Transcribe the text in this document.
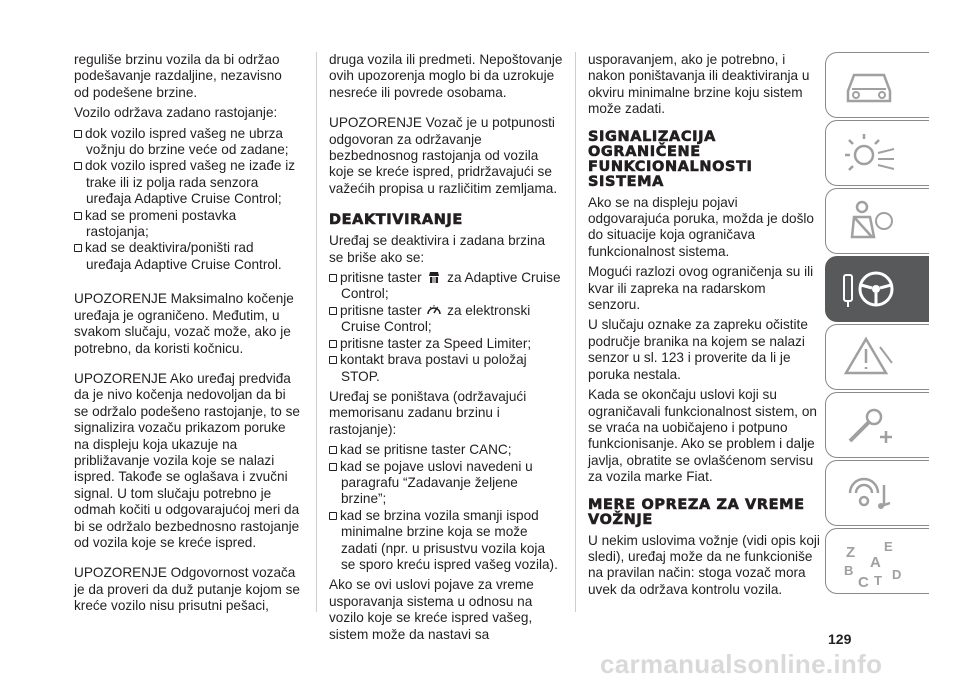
reguliše brzinu vozila da bi održao podešavanje razdaljine, nezavisno od podešene brzine.

Vozilo održava zadano rastojanje:

dok vozilo ispred vašeg ne ubrza vožnju do brzine veće od zadane;
dok vozilo ispred vašeg ne izađe iz trake ili iz polja rada senzora uređaja Adaptive Cruise Control;
kad se promeni postavka rastojanja;
kad se deaktivira/poništi rad uređaja Adaptive Cruise Control.

UPOZORENJE Maksimalno kočenje uređaja je ograničeno. Međutim, u svakom slučaju, vozač može, ako je potrebno, da koristi kočnicu.

UPOZORENJE Ako uređaj predviđa da je nivo kočenja nedovoljan da bi se održalo podešeno rastojanje, to se signalizira vozaču prikazom poruke na displeju koja ukazuje na približavanje vozila koje se nalazi ispred. Takođe se oglašava i zvučni signal. U tom slučaju potrebno je odmah kočiti u odgovarajućoj meri da bi se održalo bezbednosno rastojanje od vozila koje se kreće ispred.

UPOZORENJE Odgovornost vozača je da proveri da duž putanje kojom se kreće vozilo nisu prisutni pešaci,

druga vozila ili predmeti. Nepoštovanje ovih upozorenja moglo bi da uzrokuje nesreće ili povrede osobama.

UPOZORENJE Vozač je u potpunosti odgovoran za održavanje bezbednosnog rastojanja od vozila koje se kreće ispred, pridržavajući se važećih propisa u različitim zemljama.

DEAKTIVIRANJE

Uređaj se deaktivira i zadana brzina se briše ako se:

pritisne taster za Adaptive Cruise Control;
pritisne taster za elektronski Cruise Control;
pritisne taster za Speed Limiter;
kontakt brava postavi u položaj STOP.

Uređaj se poništava (održavajući memorisanu zadanu brzinu i rastojanje):

kad se pritisne taster CANC;
kad se pojave uslovi navedeni u paragrafu “Zadavanje željene brzine”;
kad se brzina vozila smanji ispod minimalne brzine koja se može zadati (npr. u prisustvu vozila koja se sporo kreću ispred vašeg vozila).

Ako se ovi uslovi pojave za vreme usporavanja sistema u odnosu na vozilo koje se kreće ispred vašeg, sistem može da nastavi sa

usporavanjem, ako je potrebno, i nakon poništavanja ili deaktiviranja u okviru minimalne brzine koju sistem može zadati.

SIGNALIZACIJA OGRANIČENE FUNKCIONALNOSTI SISTEMA

Ako se na displeju pojavi odgovarajuća poruka, možda je došlo do situacije koja ograničava funkcionalnost sistema.

Mogući razlozi ovog ograničenja su ili kvar ili zapreka na radarskom senzoru.

U slučaju oznake za zapreku očistite područje branika na kojem se nalazi senzor u sl. 123 i proverite da li je poruka nestala.

Kada se okončaju uslovi koji su ograničavali funkcionalnost sistem, on se vraća na uobičajeno i potpuno funkcionisanje. Ako se problem i dalje javlja, obratite se ovlašćenom servisu za vozila marke Fiat.

MERE OPREZA ZA VREME VOŽNJE

U nekim uslovima vožnje (vidi opis koji sledi), uređaj može da ne funkcioniše na pravilan način: stoga vozač mora uvek da održava kontrolu vozila.

Z E
A
B
C T D
129
carmanualsonline.info
